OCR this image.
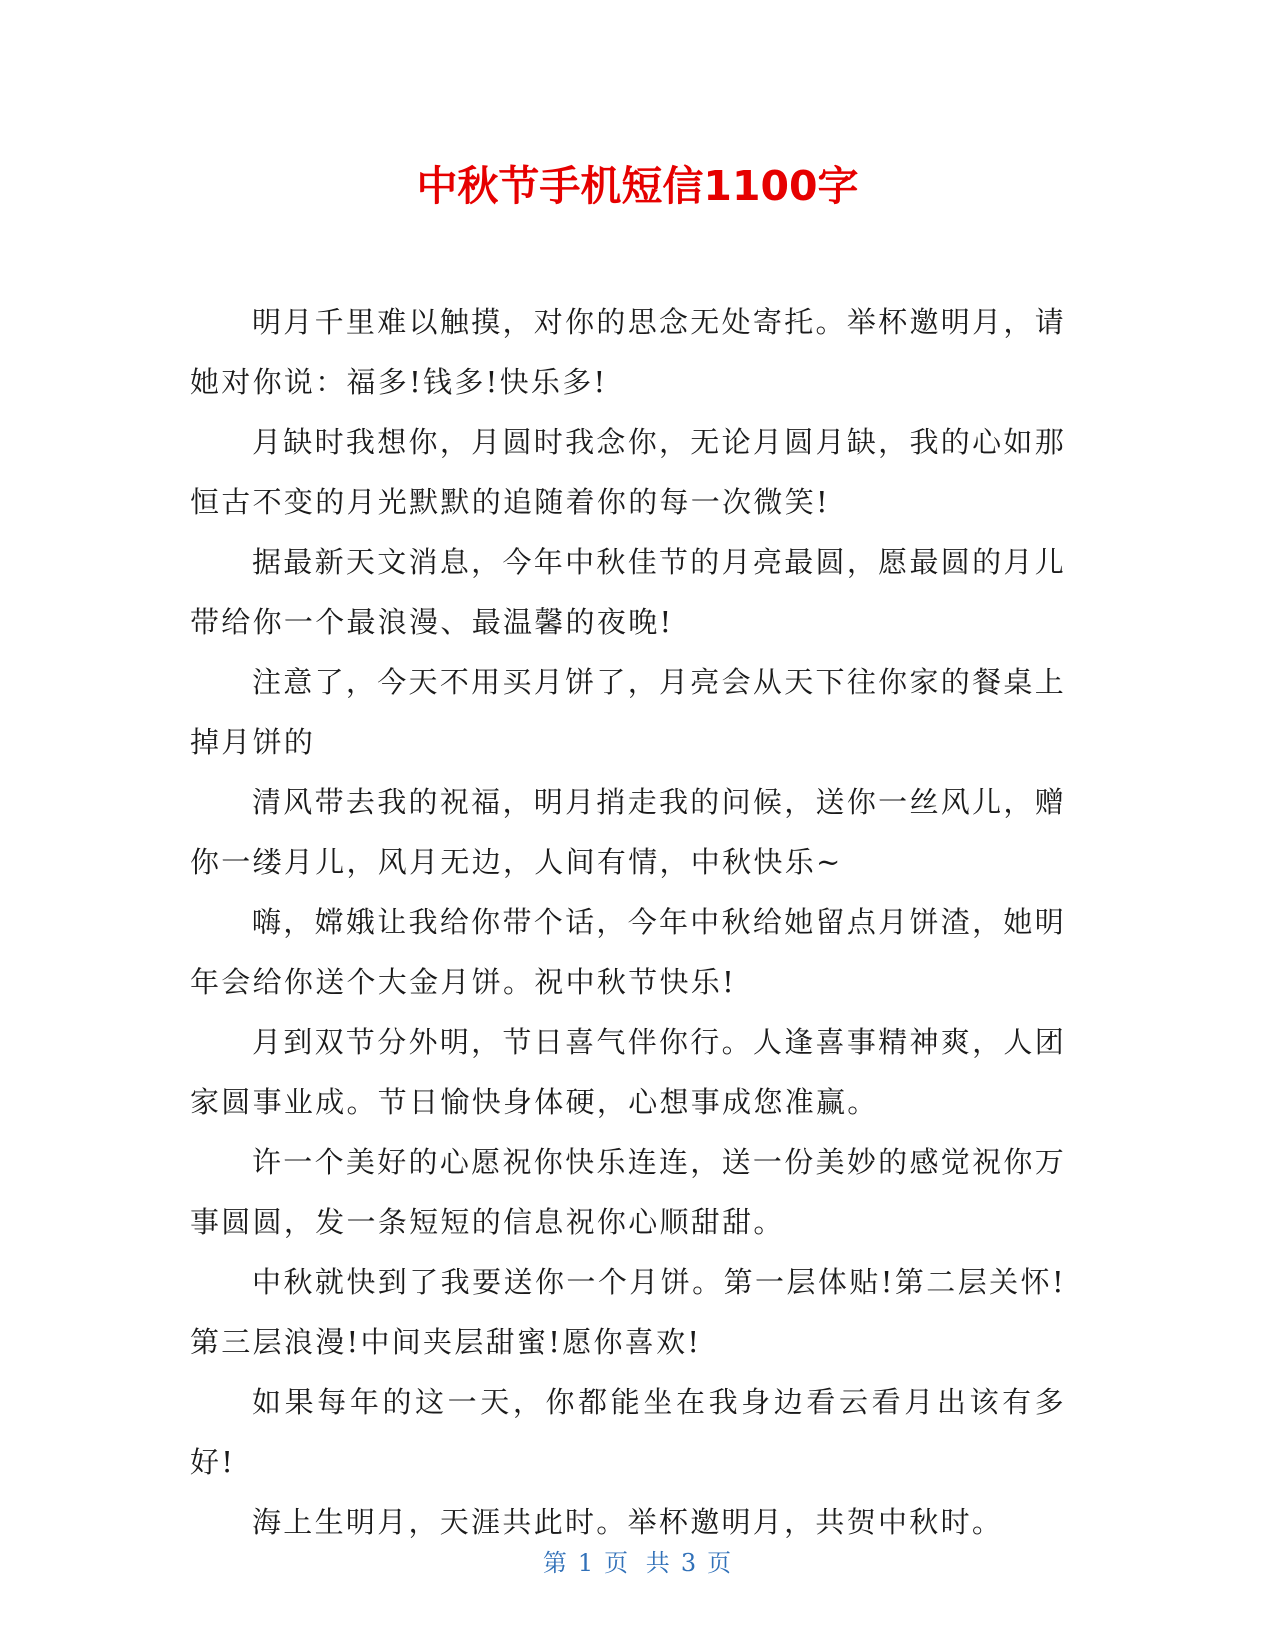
中秋节手机短信1100字

明月千里难以触摸，对你的思念无处寄托。举杯邀明月，请她对你说：福多!钱多!快乐多!

月缺时我想你，月圆时我念你，无论月圆月缺，我的心如那恒古不变的月光默默的追随着你的每一次微笑!

据最新天文消息，今年中秋佳节的月亮最圆，愿最圆的月儿带给你一个最浪漫、最温馨的夜晚!

注意了，今天不用买月饼了，月亮会从天下往你家的餐桌上掉月饼的

清风带去我的祝福，明月捎走我的问候，送你一丝风儿，赠你一缕月儿，风月无边，人间有情，中秋快乐~

嗨，嫦娥让我给你带个话，今年中秋给她留点月饼渣，她明年会给你送个大金月饼。祝中秋节快乐!

月到双节分外明，节日喜气伴你行。人逢喜事精神爽，人团家圆事业成。节日愉快身体硬，心想事成您准赢。

许一个美好的心愿祝你快乐连连，送一份美妙的感觉祝你万事圆圆，发一条短短的信息祝你心顺甜甜。

中秋就快到了我要送你一个月饼。第一层体贴!第二层关怀!第三层浪漫!中间夹层甜蜜!愿你喜欢!

如果每年的这一天，你都能坐在我身边看云看月出该有多好!

海上生明月，天涯共此时。举杯邀明月，共贺中秋时。

第 1 页 共 3 页
